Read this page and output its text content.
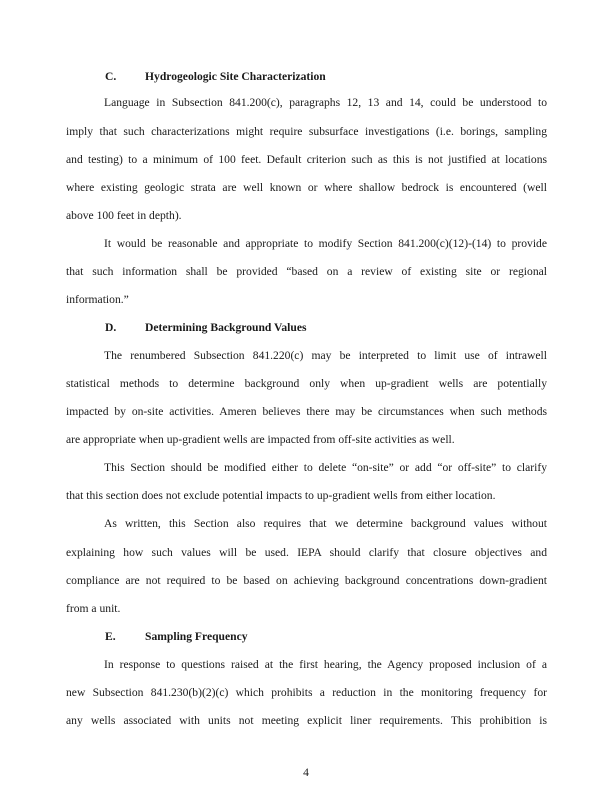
C. Hydrogeologic Site Characterization
Language in Subsection 841.200(c), paragraphs 12, 13 and 14, could be understood to
imply that such characterizations might require subsurface investigations (i.e. borings, sampling
and testing) to a minimum of 100 feet. Default criterion such as this is not justified at locations
where existing geologic strata are well known or where shallow bedrock is encountered (well
above 100 feet in depth).
It would be reasonable and appropriate to modify Section 841.200(c)(12)-(14) to provide
that such information shall be provided “based on a review of existing site or regional
information.”
D. Determining Background Values
The renumbered Subsection 841.220(c) may be interpreted to limit use of intrawell
statistical methods to determine background only when up-gradient wells are potentially
impacted by on-site activities. Ameren believes there may be circumstances when such methods
are appropriate when up-gradient wells are impacted from off-site activities as well.
This Section should be modified either to delete “on-site” or add “or off-site” to clarify
that this section does not exclude potential impacts to up-gradient wells from either location.
As written, this Section also requires that we determine background values without
explaining how such values will be used. IEPA should clarify that closure objectives and
compliance are not required to be based on achieving background concentrations down-gradient
from a unit.
E.	Sampling Frequency
In response to questions raised at the first hearing, the Agency proposed inclusion of a
new Subsection 841.230(b)(2)(c) which prohibits a reduction in the monitoring frequency for
any wells associated with units not meeting explicit liner requirements. This prohibition is
4
